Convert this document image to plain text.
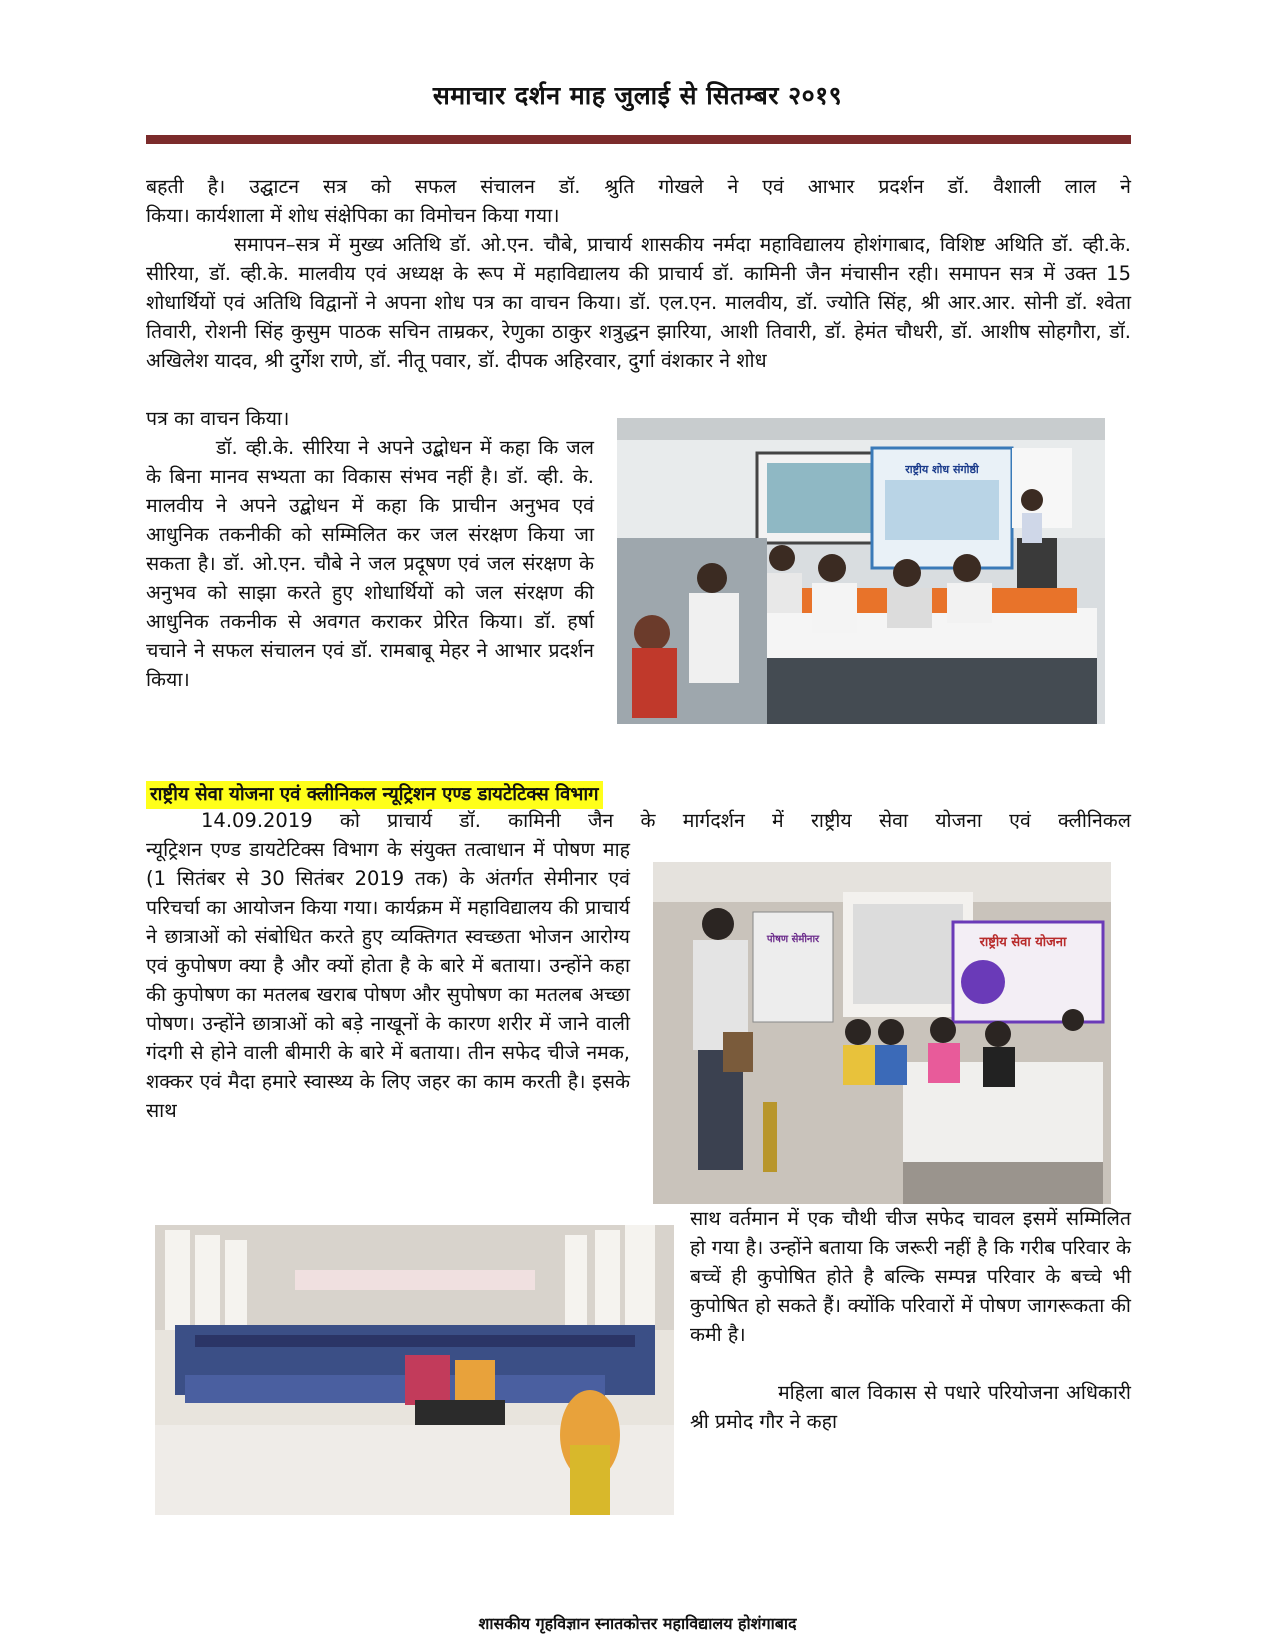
समाचार दर्शन माह जुलाई से सितम्बर २०१९

बहती है। उद्घाटन सत्र को सफल संचालन डॉ. श्रुति गोखले ने एवं आभार प्रदर्शन डॉ. वैशाली लाल ने

किया। कार्यशाला में शोध संक्षेपिका का विमोचन किया गया।

समापन–सत्र में मुख्य अतिथि डॉ. ओ.एन. चौबे, प्राचार्य शासकीय नर्मदा महाविद्यालय होशंगाबाद, विशिष्ट अथिति डॉ. व्ही.के. सीरिया, डॉ. व्ही.के. मालवीय एवं अध्यक्ष के रूप में महाविद्यालय की प्राचार्य डॉ. कामिनी जैन मंचासीन रही। समापन सत्र में उक्त 15 शोधार्थियों एवं अतिथि विद्वानों ने अपना शोध पत्र का वाचन किया। डॉ. एल.एन. मालवीय, डॉ. ज्योति सिंह, श्री आर.आर. सोनी डॉ. श्वेता तिवारी, रोशनी सिंह कुसुम पाठक सचिन ताम्रकर, रेणुका ठाकुर शत्रुद्धन झारिया, आशी तिवारी, डॉ. हेमंत चौधरी, डॉ. आशीष सोहगौरा, डॉ. अखिलेश यादव, श्री दुर्गेश राणे, डॉ. नीतू पवार, डॉ. दीपक अहिरवार, दुर्गा वंशकार ने शोध

पत्र का वाचन किया।

राष्ट्रीय शोध संगोष्ठी

डॉ. व्ही.के. सीरिया ने अपने उद्बोधन में कहा कि जल के बिना मानव सभ्यता का विकास संभव नहीं है। डॉ. व्ही. के. मालवीय ने अपने उद्बोधन में कहा कि प्राचीन अनुभव एवं आधुनिक तकनीकी को सम्मिलित कर जल संरक्षण किया जा सकता है। डॉ. ओ.एन. चौबे ने जल प्रदूषण एवं जल संरक्षण के अनुभव को साझा करते हुए शोधार्थियों को जल संरक्षण की आधुनिक तकनीक से अवगत कराकर प्रेरित किया। डॉ. हर्षा चचाने ने सफल संचालन एवं डॉ. रामबाबू मेहर ने आभार प्रदर्शन किया।

राष्ट्रीय सेवा योजना एवं क्लीनिकल न्यूट्रिशन एण्ड डायटेटिक्स विभाग

14.09.2019 को प्राचार्य डॉ. कामिनी जैन के मार्गदर्शन में राष्ट्रीय सेवा योजना एवं क्लीनिकल

न्यूट्रिशन एण्ड डायटेटिक्स विभाग के संयुक्त तत्वाधान में पोषण माह (1 सितंबर से 30 सितंबर 2019 तक) के अंतर्गत सेमीनार एवं परिचर्चा का आयोजन किया गया। कार्यक्रम में महाविद्यालय की प्राचार्य ने छात्राओं को संबोधित करते हुए व्यक्तिगत स्वच्छता भोजन आरोग्य एवं कुपोषण क्या है और क्यों होता है के बारे में बताया। उन्होंने कहा की कुपोषण का मतलब खराब पोषण और सुपोषण का मतलब अच्छा पोषण। उन्होंने छात्राओं को बड़े नाखूनों के कारण शरीर में जाने वाली गंदगी से होने वाली बीमारी के बारे में बताया। तीन सफेद चीजे नमक, शक्कर एवं मैदा हमारे स्वास्थ्य के लिए जहर का काम करती है। इसके साथ

पोषण सेमीनार	राष्ट्रीय सेवा योजना

साथ वर्तमान में एक चौथी चीज सफेद चावल इसमें सम्मिलित हो गया है। उन्होंने बताया कि जरूरी नहीं है कि गरीब परिवार के बच्चें ही कुपोषित होते है बल्कि सम्पन्न परिवार के बच्चे भी कुपोषित हो सकते हैं। क्योंकि परिवारों में पोषण जागरूकता की कमी है।

महिला बाल विकास से पधारे परियोजना अधिकारी श्री प्रमोद गौर ने कहा

शासकीय गृहविज्ञान स्नातकोत्तर महाविद्यालय होशंगाबाद
